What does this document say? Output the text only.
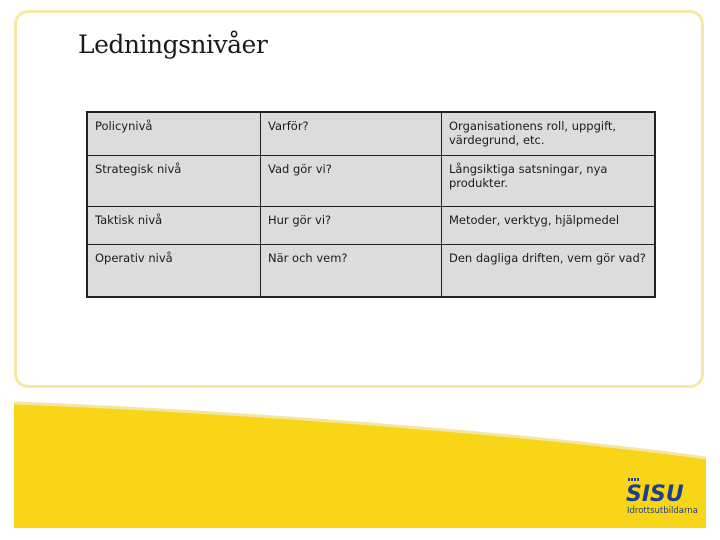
Ledningsnivåer
Policynivå	Varför?	Organisationens roll, uppgift, värdegrund, etc.
Strategisk nivå	Vad gör vi?	Långsiktiga satsningar, nya produkter.
Taktisk nivå	Hur gör vi?	Metoder, verktyg, hjälpmedel
Operativ nivå	När och vem?	Den dagliga driften, vem gör vad?
SISU
Idrottsutbildarna
